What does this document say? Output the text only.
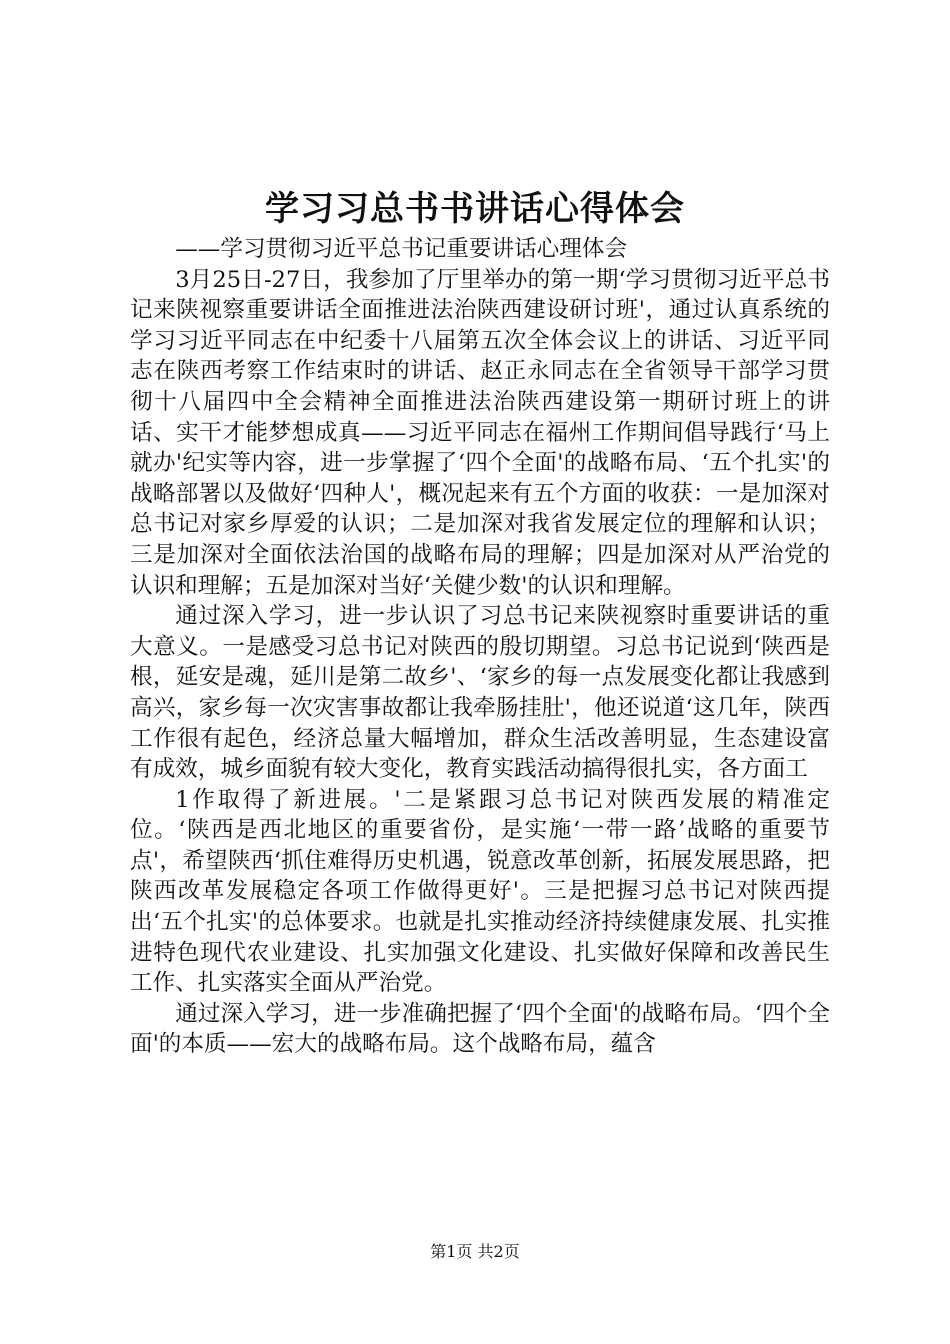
学习习总书书讲话心得体会

——学习贯彻习近平总书记重要讲话心理体会

3月25日-27日，我参加了厅里举办的第一期‘学习贯彻习近平总书记来陕视察重要讲话全面推进法治陕西建设研讨班'，通过认真系统的学习习近平同志在中纪委十八届第五次全体会议上的讲话、习近平同志在陕西考察工作结束时的讲话、赵正永同志在全省领导干部学习贯彻十八届四中全会精神全面推进法治陕西建设第一期研讨班上的讲话、实干才能梦想成真——习近平同志在福州工作期间倡导践行‘马上就办'纪实等内容，进一步掌握了‘四个全面'的战略布局、‘五个扎实'的战略部署以及做好‘四种人'，概况起来有五个方面的收获：一是加深对总书记对家乡厚爱的认识；二是加深对我省发展定位的理解和认识；三是加深对全面依法治国的战略布局的理解；四是加深对从严治党的认识和理解；五是加深对当好‘关健少数'的认识和理解。

通过深入学习，进一步认识了习总书记来陕视察时重要讲话的重大意义。一是感受习总书记对陕西的殷切期望。习总书记说到‘陕西是根，延安是魂，延川是第二故乡'、‘家乡的每一点发展变化都让我感到高兴，家乡每一次灾害事故都让我牵肠挂肚'，他还说道‘这几年，陕西工作很有起色，经济总量大幅增加，群众生活改善明显，生态建设富有成效，城乡面貌有较大变化，教育实践活动搞得很扎实，各方面工

1作取得了新进展。'二是紧跟习总书记对陕西发展的精准定位。‘陕西是西北地区的重要省份，是实施‘一带一路’战略的重要节点'，希望陕西‘抓住难得历史机遇，锐意改革创新，拓展发展思路，把陕西改革发展稳定各项工作做得更好'。三是把握习总书记对陕西提出‘五个扎实'的总体要求。也就是扎实推动经济持续健康发展、扎实推进特色现代农业建设、扎实加强文化建设、扎实做好保障和改善民生工作、扎实落实全面从严治党。

通过深入学习，进一步准确把握了‘四个全面'的战略布局。‘四个全面'的本质——宏大的战略布局。这个战略布局，蕴含

第1页 共2页
